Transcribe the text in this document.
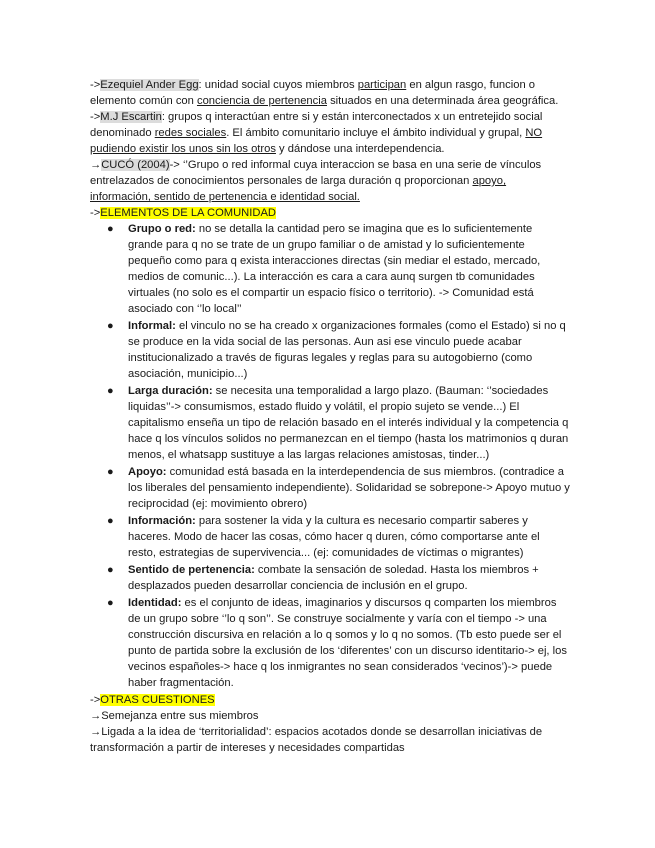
->Ezequiel Ander Egg: unidad social cuyos miembros participan en algun rasgo, funcion o elemento común con conciencia de pertenencia situados en una determinada área geográfica.

->M.J Escartin: grupos q interactúan entre si y están interconectados x un entretejido social denominado redes sociales. El ámbito comunitario incluye el ámbito individual y grupal, NO pudiendo existir los unos sin los otros y dándose una interdependencia.

→CUCÓ (2004)-> ‘’Grupo o red informal cuya interaccion se basa en una serie de vínculos entrelazados de conocimientos personales de larga duración q proporcionan apoyo, información, sentido de pertenencia e identidad social.

->ELEMENTOS DE LA COMUNIDAD

● Grupo o red: no se detalla la cantidad pero se imagina que es lo suficientemente grande para q no se trate de un grupo familiar o de amistad y lo suficientemente pequeño como para q exista interacciones directas (sin mediar el estado, mercado, medios de comunic...). La interacción es cara a cara aunq surgen tb comunidades virtuales (no solo es el compartir un espacio físico o territorio). -> Comunidad está asociado con ‘’lo local’’
● Informal: el vinculo no se ha creado x organizaciones formales (como el Estado) si no q se produce en la vida social de las personas. Aun asi ese vinculo puede acabar institucionalizado a través de figuras legales y reglas para su autogobierno (como asociación, municipio...)
● Larga duración: se necesita una temporalidad a largo plazo. (Bauman: ‘’sociedades liquidas’’-> consumismos, estado fluido y volátil, el propio sujeto se vende...) El capitalismo enseña un tipo de relación basado en el interés individual y la competencia q hace q los vínculos solidos no permanezcan en el tiempo (hasta los matrimonios q duran menos, el whatsapp sustituye a las largas relaciones amistosas, tinder...)
● Apoyo: comunidad está basada en la interdependencia de sus miembros. (contradice a los liberales del pensamiento independiente). Solidaridad se sobrepone-> Apoyo mutuo y reciprocidad (ej: movimiento obrero)
● Información: para sostener la vida y la cultura es necesario compartir saberes y haceres. Modo de hacer las cosas, cómo hacer q duren, cómo comportarse ante el resto, estrategias de supervivencia... (ej: comunidades de víctimas o migrantes)
● Sentido de pertenencia: combate la sensación de soledad. Hasta los miembros + desplazados pueden desarrollar conciencia de inclusión en el grupo.
● Identidad: es el conjunto de ideas, imaginarios y discursos q comparten los miembros de un grupo sobre ‘’lo q son’’. Se construye socialmente y varía con el tiempo -> una construcción discursiva en relación a lo q somos y lo q no somos. (Tb esto puede ser el punto de partida sobre la exclusión de los ‘diferentes’ con un discurso identitario-> ej, los vecinos españoles-> hace q los inmigrantes no sean considerados ‘vecinos’)-> puede haber fragmentación.

->OTRAS CUESTIONES

→Semejanza entre sus miembros

→Ligada a la idea de ‘territorialidad’: espacios acotados donde se desarrollan iniciativas de transformación a partir de intereses y necesidades compartidas
